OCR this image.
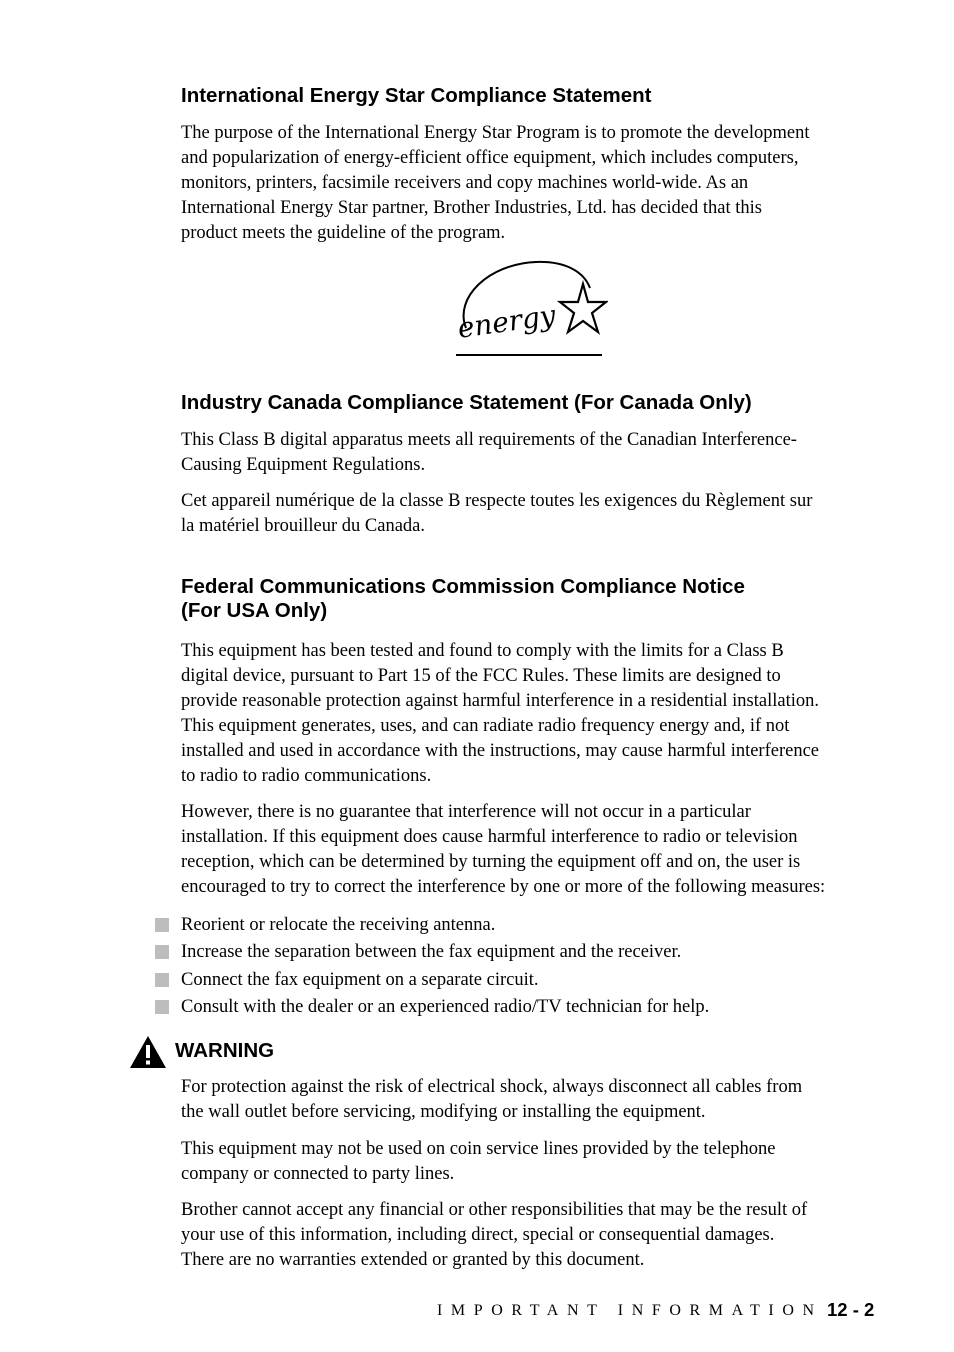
International Energy Star Compliance Statement

The purpose of the International Energy Star Program is to promote the development
and popularization of energy-efficient office equipment, which includes computers,
monitors, printers, facsimile receivers and copy machines world-wide. As an
International Energy Star partner, Brother Industries, Ltd. has decided that this
product meets the guideline of the program.

energy
Industry Canada Compliance Statement (For Canada Only)

This Class B digital apparatus meets all requirements of the Canadian Interference-
Causing Equipment Regulations.

Cet appareil numérique de la classe B respecte toutes les exigences du Règlement sur
la matériel brouilleur du Canada.

Federal Communications Commission Compliance Notice
(For USA Only)

This equipment has been tested and found to comply with the limits for a Class B
digital device, pursuant to Part 15 of the FCC Rules. These limits are designed to
provide reasonable protection against harmful interference in a residential installation.
This equipment generates, uses, and can radiate radio frequency energy and, if not
installed and used in accordance with the instructions, may cause harmful interference
to radio to radio communications.

However, there is no guarantee that interference will not occur in a particular
installation. If this equipment does cause harmful interference to radio or television
reception, which can be determined by turning the equipment off and on, the user is
encouraged to try to correct the interference by one or more of the following measures:

Reorient or relocate the receiving antenna.
Increase the separation between the fax equipment and the receiver.
Connect the fax equipment on a separate circuit.
Consult with the dealer or an experienced radio/TV technician for help.
WARNING

For protection against the risk of electrical shock, always disconnect all cables from
the wall outlet before servicing, modifying or installing the equipment.

This equipment may not be used on coin service lines provided by the telephone
company or connected to party lines.

Brother cannot accept any financial or other responsibilities that may be the result of
your use of this information, including direct, special or consequential damages.
There are no warranties extended or granted by this document.

IMPORTANT INFORMATION 12 - 2
